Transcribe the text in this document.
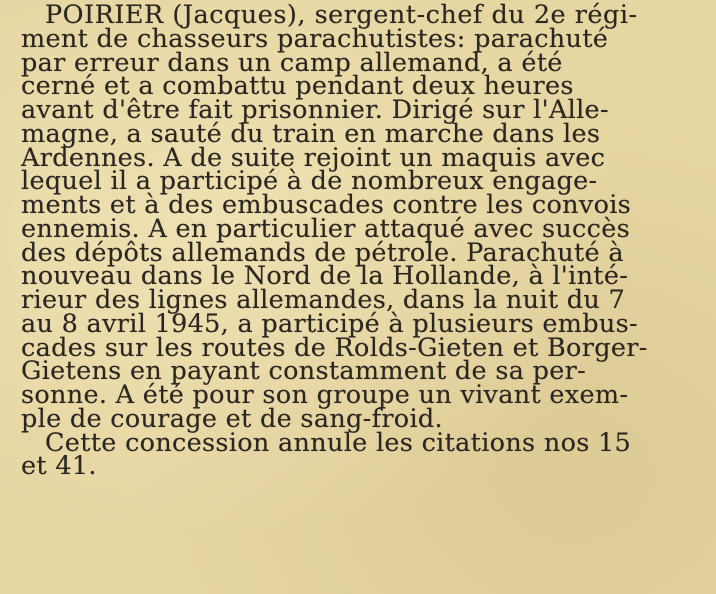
POIRIER (Jacques), sergent-chef du 2e régi-
ment de chasseurs parachutistes: parachuté
par erreur dans un camp allemand, a été
cerné et a combattu pendant deux heures
avant d'être fait prisonnier. Dirigé sur l'Alle-
magne, a sauté du train en marche dans les
Ardennes. A de suite rejoint un maquis avec
lequel il a participé à de nombreux engage-
ments et à des embuscades contre les convois
ennemis. A en particulier attaqué avec succès
des dépôts allemands de pétrole. Parachuté à
nouveau dans le Nord de la Hollande, à l'inté-
rieur des lignes allemandes, dans la nuit du 7
au 8 avril 1945, a participé à plusieurs embus-
cades sur les routes de Rolds-Gieten et Borger-
Gietens en payant constamment de sa per-
sonne. A été pour son groupe un vivant exem-
ple de courage et de sang-froid.
Cette concession annule les citations nos 15
et 41.
